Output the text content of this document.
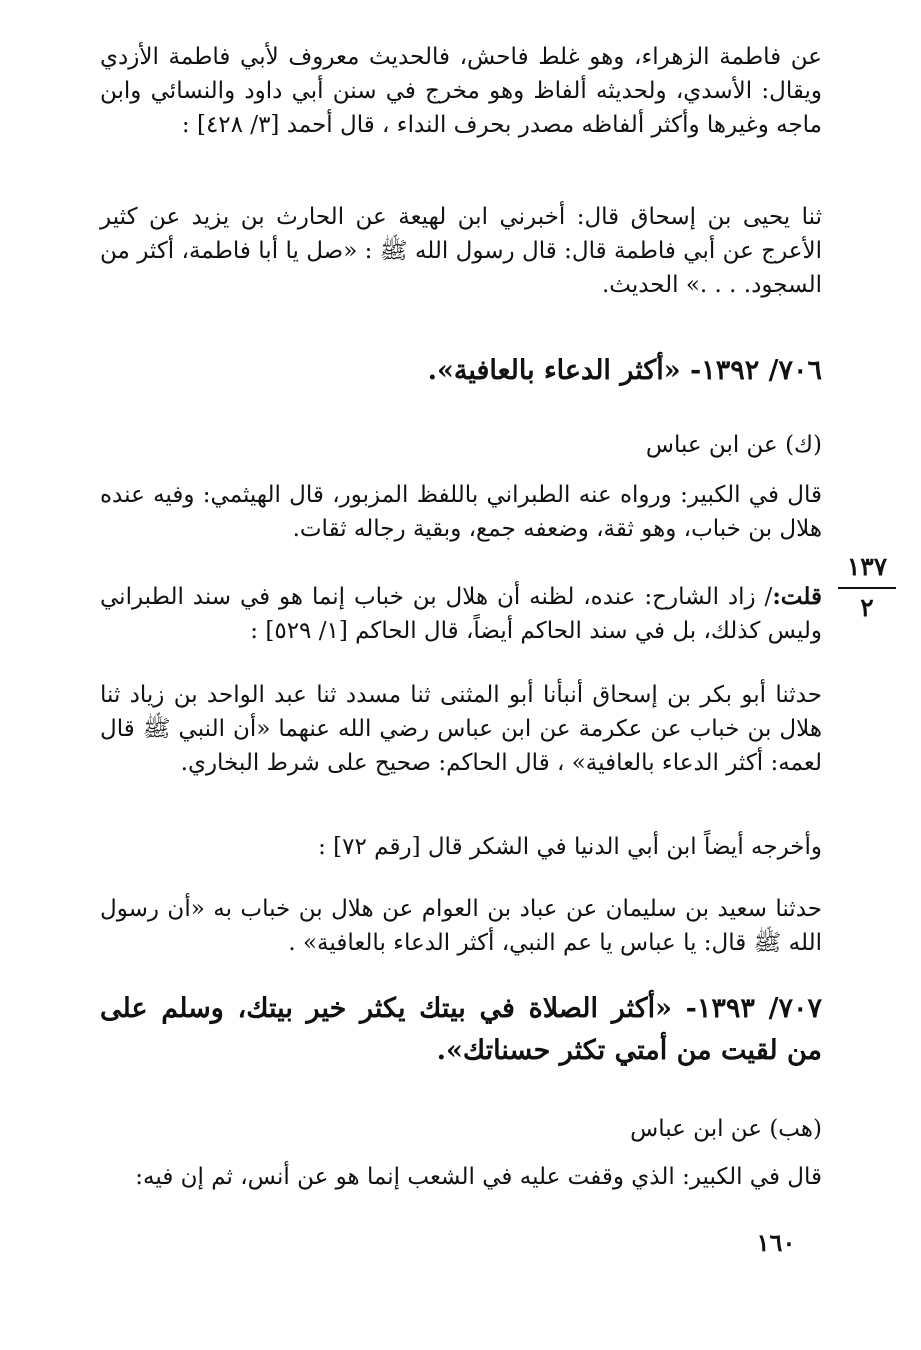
عن فاطمة الزهراء، وهو غلط فاحش، فالحديث معروف لأبي فاطمة الأزدي ويقال: الأسدي، ولحديثه ألفاظ وهو مخرج في سنن أبي داود والنسائي وابن ماجه وغيرها وأكثر ألفاظه مصدر بحرف النداء ، قال أحمد [٣/ ٤٢٨] :

ثنا يحيى بن إسحاق قال: أخبرني ابن لهيعة عن الحارث بن يزيد عن كثير الأعرج عن أبي فاطمة قال: قال رسول الله ﷺ : «صل يا أبا فاطمة، أكثر من السجود. . . .» الحديث.

٧٠٦/ ١٣٩٢- «أكثر الدعاء بالعافية».

(ك) عن ابن عباس

قال في الكبير: ورواه عنه الطبراني باللفظ المزبور، قال الهيثمي: وفيه عنده هلال بن خباب، وهو ثقة، وضعفه جمع، وبقية رجاله ثقات.

قلت:/ زاد الشارح: عنده، لظنه أن هلال بن خباب إنما هو في سند الطبراني وليس كذلك، بل في سند الحاكم أيضاً، قال الحاكم [١/ ٥٢٩] :

حدثنا أبو بكر بن إسحاق أنبأنا أبو المثنى ثنا مسدد ثنا عبد الواحد بن زياد ثنا هلال بن خباب عن عكرمة عن ابن عباس رضي الله عنهما «أن النبي ﷺ قال لعمه: أكثر الدعاء بالعافية» ، قال الحاكم: صحيح على شرط البخاري.

وأخرجه أيضاً ابن أبي الدنيا في الشكر قال [رقم ٧٢] :

حدثنا سعيد بن سليمان عن عباد بن العوام عن هلال بن خباب به «أن رسول الله ﷺ قال: يا عباس يا عم النبي، أكثر الدعاء بالعافية» .

٧٠٧/ ١٣٩٣- «أكثر الصلاة في بيتك يكثر خير بيتك، وسلم على من لقيت من أمتي تكثر حسناتك».

(هب) عن ابن عباس

قال في الكبير: الذي وقفت عليه في الشعب إنما هو عن أنس، ثم إن فيه:

١٣٧
٢
١٦٠
